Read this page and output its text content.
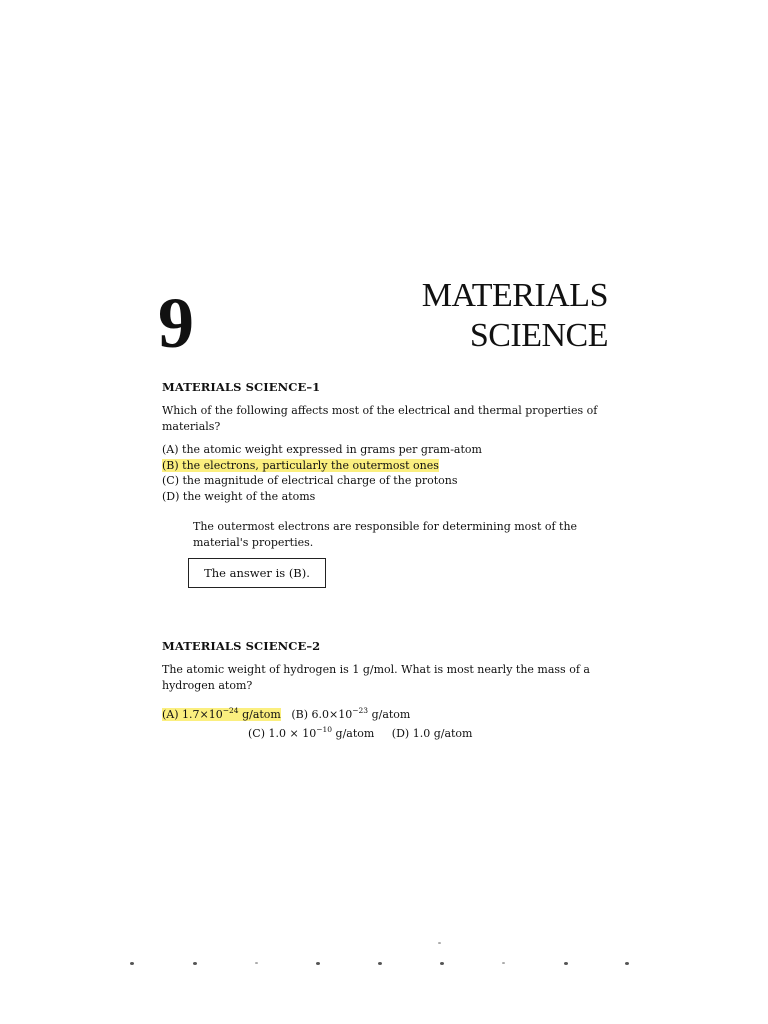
9	MATERIALS
SCIENCE
MATERIALS SCIENCE–1
Which of the following affects most of the electrical and thermal properties of
materials?
(A) the atomic weight expressed in grams per gram-atom
(B) the electrons, particularly the outermost ones
(C) the magnitude of electrical charge of the protons
(D) the weight of the atoms
The outermost electrons are responsible for determining most of the
material's properties.
The answer is (B).
MATERIALS SCIENCE–2
The atomic weight of hydrogen is 1 g/mol. What is most nearly the mass of a
hydrogen atom?
(A) $1.7\times 10^{-24}$ g/atom (B) $6.0\times 10^{-23}$ g/atom
(C) $1.0 \times 10^{-10}$ g/atom (D) 1.0 g/atom
